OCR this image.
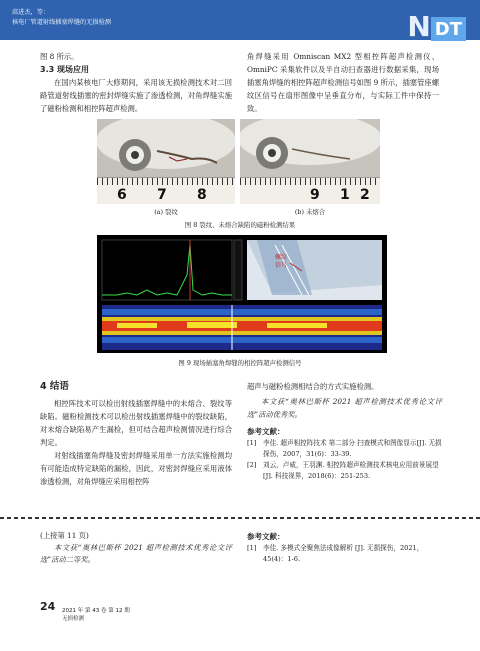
邱进杰，等：
核电厂管道射线插塞焊缝的无损检测	N DT

图 8 所示。

3.3 现场应用

在国内某核电厂大修期间，采用该无损检测技术对二回路管道射线插塞的密封焊缝实施了渗透检测，对角焊缝实施了磁粉检测和相控阵超声检测。

角焊缝采用 Omniscan MX2 型相控阵超声检测仪、OmniPC 采集软件以及半自动扫查器进行数据采集，现场插塞角焊缝的相控阵超声检测信号如图 9 所示，插塞管座螺纹区信号在扇形图像中呈垂直分布，与实际工件中保持一致。

6 7 8
(a) 裂纹
9 1 2
(b) 未熔合
图 8 裂纹、未熔合缺陷的磁粉检测结果
螺纹
信号
图 9 现场插塞角焊缝的相控阵超声检测信号

4 结语

相控阵技术可以检出射线插塞焊缝中的未熔合、裂纹等缺陷。磁粉检测技术可以检出射线插塞焊缝中的裂纹缺陷，对未熔合缺陷易产生漏检，但可结合超声检测情况进行综合判定。

对射线插塞角焊缝及密封焊缝采用单一方法实施检测均有可能造成特定缺陷的漏检，因此，对密封焊缝应采用液体渗透检测，对角焊缝应采用相控阵

超声与磁粉检测相结合的方式实施检测。

本文获“奥林巴斯杯 2021 超声检测技术优秀论文评选”活动优秀奖。

参考文献：

[1]	李佳. 超声相控阵技术 第二部分 扫查模式和图像显示[J]. 无损探伤，2007，31(6)：33-39.
[2]	刘云，卢威，王羽渊. 相控阵超声检测技术核电应用前景展望[J]. 科技视界，2018(6)：251-253.

(上接第 11 页)

本文获“奥林巴斯杯 2021 超声检测技术优秀论文评选”活动二等奖。

参考文献：

[1]	李佳. 多模式全聚焦法成像解析 [J]. 无损探伤，2021，45(4)：1-6.
24 2021 年 第 43 卷 第 12 期
无损检测
